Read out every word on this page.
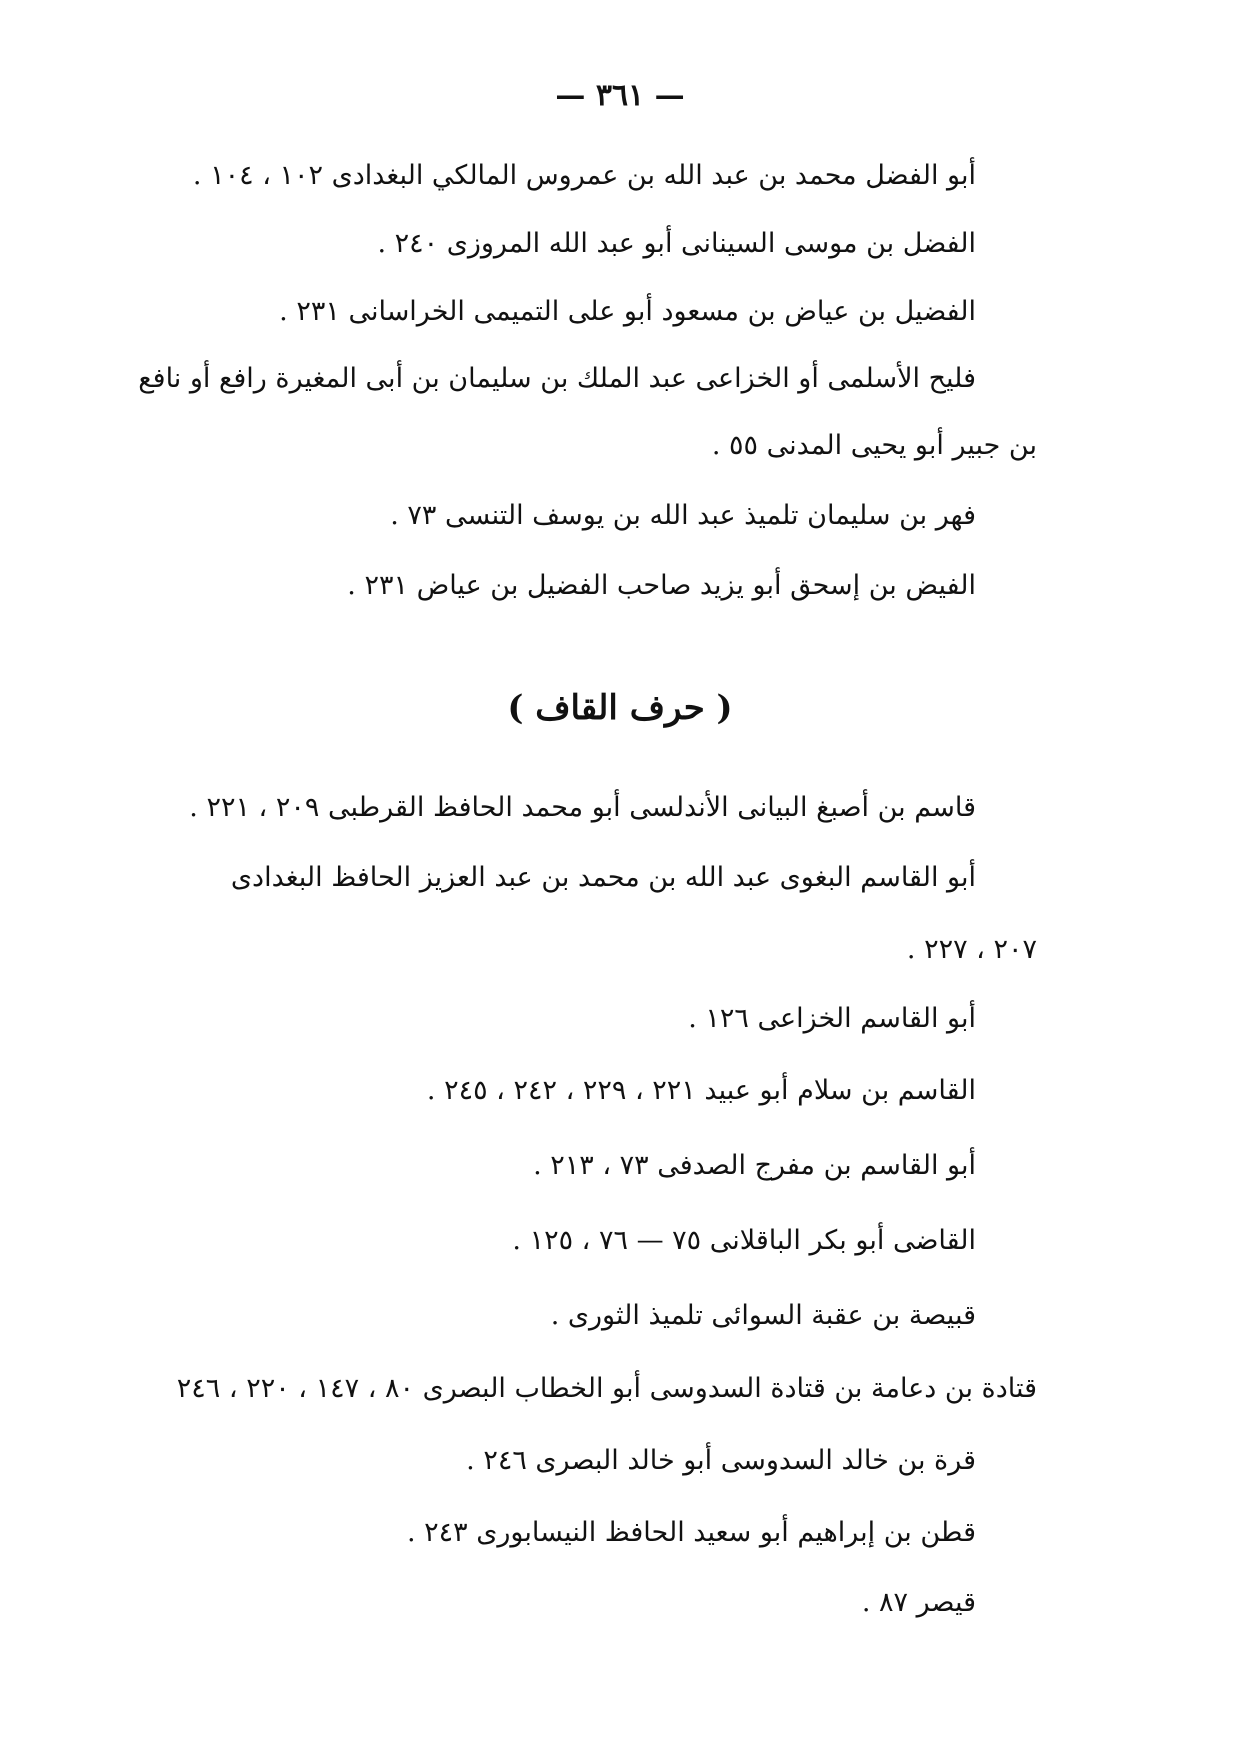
— ٣٦١ —
أبو الفضل محمد بن عبد الله بن عمروس المالكي البغدادى ١٠٢ ، ١٠٤ .
الفضل بن موسى السينانى أبو عبد الله المروزى ٢٤٠ .
الفضيل بن عياض بن مسعود أبو على التميمى الخراسانى ٢٣١ .
فليح الأسلمى أو الخزاعى عبد الملك بن سليمان بن أبى المغيرة رافع أو نافع
بن جبير أبو يحيى المدنى ٥٥ .
فهر بن سليمان تلميذ عبد الله بن يوسف التنسى ٧٣ .
الفيض بن إسحق أبو يزيد صاحب الفضيل بن عياض ٢٣١ .
( حرف القاف )
قاسم بن أصبغ البيانى الأندلسى أبو محمد الحافظ القرطبى ٢٠٩ ، ٢٢١ .
أبو القاسم البغوى عبد الله بن محمد بن عبد العزيز الحافظ البغدادى
٢٠٧ ، ٢٢٧ .
أبو القاسم الخزاعى ١٢٦ .
القاسم بن سلام أبو عبيد ٢٢١ ، ٢٢٩ ، ٢٤٢ ، ٢٤٥ .
أبو القاسم بن مفرج الصدفى ٧٣ ، ٢١٣ .
القاضى أبو بكر الباقلانى ٧٥ — ٧٦ ، ١٢٥ .
قبيصة بن عقبة السوائى تلميذ الثورى .
قتادة بن دعامة بن قتادة السدوسى أبو الخطاب البصرى ٨٠ ، ١٤٧ ، ٢٢٠ ، ٢٤٦
قرة بن خالد السدوسى أبو خالد البصرى ٢٤٦ .
قطن بن إبراهيم أبو سعيد الحافظ النيسابورى ٢٤٣ .
قيصر ٨٧ .
